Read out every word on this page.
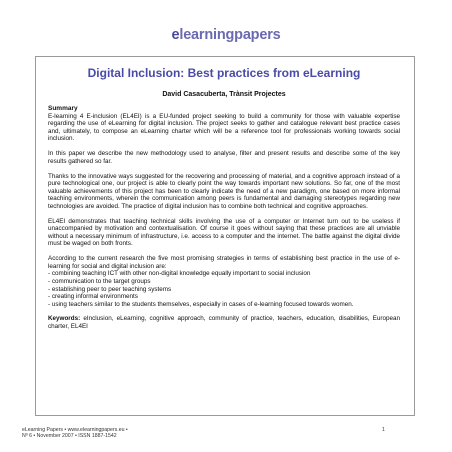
elearningpapers
Digital Inclusion: Best practices from eLearning
David Casacuberta, Trànsit Projectes
Summary

E-learning 4 E-inclusion (EL4EI) is a EU-funded project seeking to build a community for those with valuable expertise regarding the use of eLearning for digital inclusion. The project seeks to gather and catalogue relevant best practice cases and, ultimately, to compose an eLearning charter which will be a reference tool for professionals working towards social inclusion.

In this paper we describe the new methodology used to analyse, filter and present results and describe some of the key results gathered so far.

Thanks to the innovative ways suggested for the recovering and processing of material, and a cognitive approach instead of a pure technological one, our project is able to clearly point the way towards important new solutions. So far, one of the most valuable achievements of this project has been to clearly indicate the need of a new paradigm, one based on more informal teaching environments, wherein the communication among peers is fundamental and damaging stereotypes regarding new technologies are avoided. The practice of digital inclusion has to combine both technical and cognitive approaches.

EL4EI demonstrates that teaching technical skills involving the use of a computer or Internet turn out to be useless if unaccompanied by motivation and contextualisation. Of course it goes without saying that these practices are all unviable without a necessary minimum of infrastructure, i.e. access to a computer and the internet. The battle against the digital divide must be waged on both fronts.

According to the current research the five most promising strategies in terms of establishing best practice in the use of e-learning for social and digital inclusion are:
- combining teaching ICT with other non-digital knowledge equally important to social inclusion
- communication to the target groups
- establishing peer to peer teaching systems
- creating informal environments
- using teachers similar to the students themselves, especially in cases of e-learning focused towards women.
Keywords: eInclusion, eLearning, cognitive approach, community of practice, teachers, education, disabilities, European charter, EL4EI
eLearning Papers • www.elearningpapers.eu •
Nº 6 • November 2007 • ISSN 1887-1542
1
